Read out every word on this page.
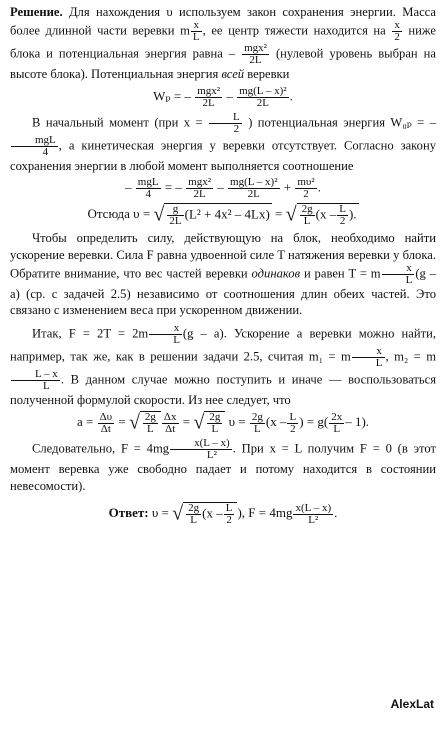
Решение. Для нахождения υ используем закон сохранения энергии. Масса более длинной части веревки m $\frac{x}{L}$ , ее центр тяжести находится на $\frac{x}{2}$ ниже блока и потенциальная энергия равна – $\frac{\text{mgx²}}{2L}$ (нулевой уровень выбран на высоте блока). Потенциальная энергия всей веревки

Wₚ = – $\frac{\text{mgx²}}{2L} - \frac{\text{mg(L – x)²}}{2L}$ .

В начальный момент (при $x = \frac{L}{2}$ ) потенциальная энергия W₀ₚ = –
$\frac{\text{mgL}}{4}$ , а кинетическая энергия у веревки отсутствует. Согласно закону сохранения энергии в любой момент выполняется соотношение

– $\frac{\text{mgL}}{4}$ = – $\frac{\text{mgx²}}{2L} - \frac{\text{mg(L – x)²}}{2L} + \frac{\text{mυ²}}{2}$ .
Отсюда υ = √ $\frac{g}{2L} (L^2 + 4x^2 - 4Lx)$ = √ $\frac{2g}{L} (x - \frac{L}{2}$ ).

Чтобы определить силу, действующую на блок, необходимо найти ускорение веревки. Сила F равна удвоенной силе T натяжения веревки у блока. Обратите внимание, что вес частей веревки одинаков и равен T = m $\frac{x}{L} (g - a)$ (ср. с задачей 2.5) независимо от соотношения длин обеих частей. Это связано с изменением веса при ускоренном движении.

Итак, $F = 2T = 2m \frac{x}{L} (g - a)$. Ускорение a веревки можно найти, например, так же, как в решении задачи 2.5, считая m₁ = m $\frac{x}{L}$ , m₂ = m
$\frac{L - x}{L}$ . В данном случае можно поступить и иначе — воспользоваться полученной формулой скорости. Из нее следует, что

$a = \frac{\Delta\upsilon}{\Delta t}$ = √ $\frac{2g}{L} \frac{\Delta x}{\Delta t}$ = √ $\frac{2g}{L}$ $\upsilon = \frac{2g}{L} (x - \frac{L}{2}$ ) = $g( \frac{2x}{L} - 1)$.

Следовательно, $F = 4mg \frac{x(L - x)}{\text{L²}}$ . При x = L получим F = 0 (в этот момент веревка уже свободно падает и потому находится в состоянии невесомости).

Ответ: υ = √ $\frac{2g}{L} (x - \frac{L}{2}$ ), $F = 4mg \frac{x(L - x)}{\text{L²}}$ .
AlexLat
